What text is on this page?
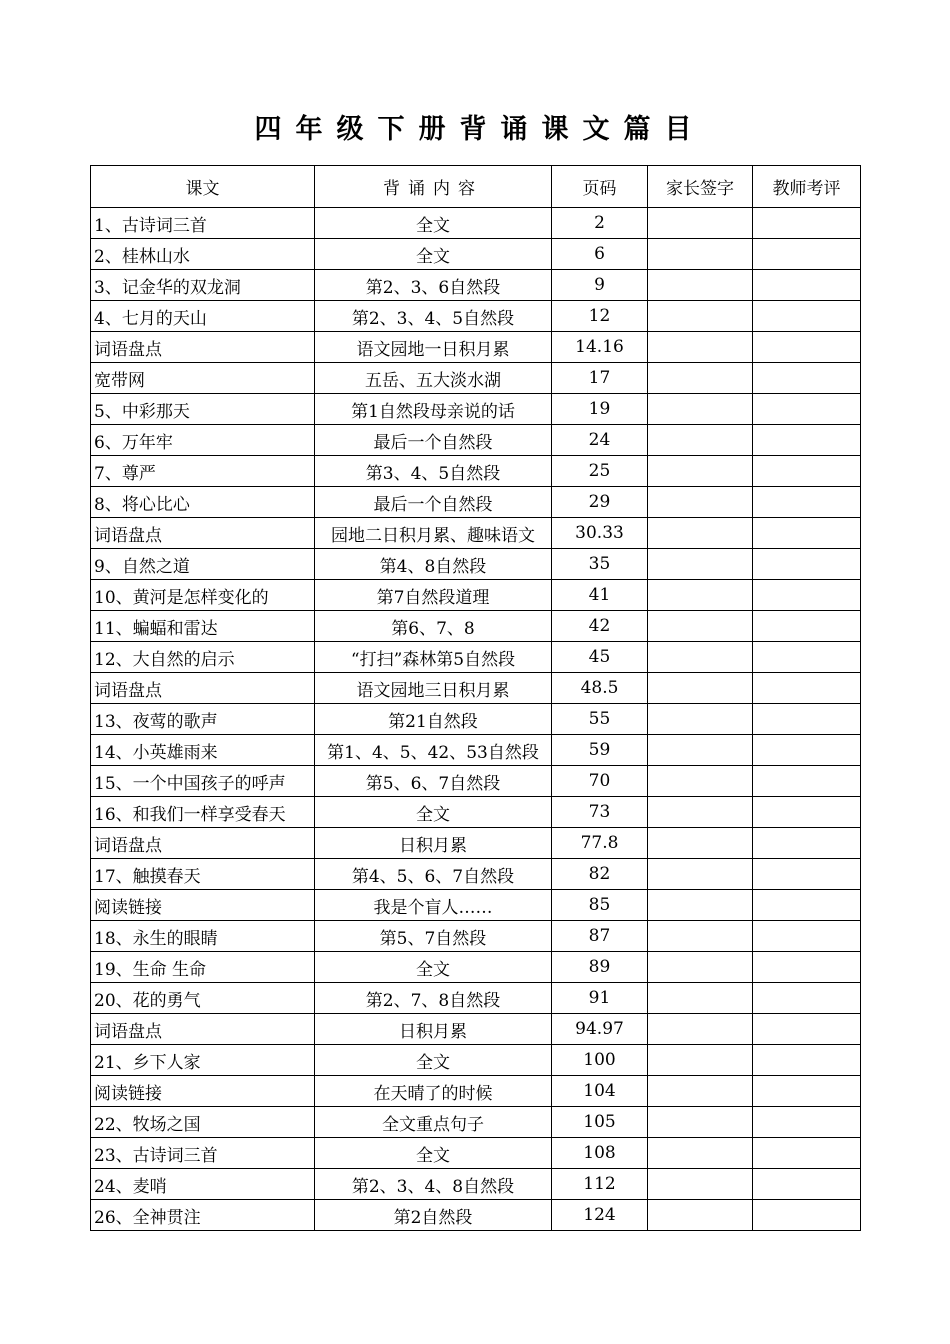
四年级下册背诵课文篇目
课文	背诵内容	页码	家长签字	教师考评
1、古诗词三首	全文	2		
2、桂林山水	全文	6		
3、记金华的双龙洞	第2、3、6自然段	9		
4、七月的天山	第2、3、4、5自然段	12		
词语盘点	语文园地一日积月累	14.16		
宽带网	五岳、五大淡水湖	17		
5、中彩那天	第1自然段母亲说的话	19		
6、万年牢	最后一个自然段	24		
7、尊严	第3、4、5自然段	25		
8、将心比心	最后一个自然段	29		
词语盘点	园地二日积月累、趣味语文	30.33		
9、自然之道	第4、8自然段	35		
10、黄河是怎样变化的	第7自然段道理	41		
11、蝙蝠和雷达	第6、7、8	42		
12、大自然的启示	“打扫”森林第5自然段	45		
词语盘点	语文园地三日积月累	48.5		
13、夜莺的歌声	第21自然段	55		
14、小英雄雨来	第1、4、5、42、53自然段	59		
15、一个中国孩子的呼声	第5、6、7自然段	70		
16、和我们一样享受春天	全文	73		
词语盘点	日积月累	77.8		
17、触摸春天	第4、5、6、7自然段	82		
阅读链接	我是个盲人……	85		
18、永生的眼睛	第5、7自然段	87		
19、生命 生命	全文	89		
20、花的勇气	第2、7、8自然段	91		
词语盘点	日积月累	94.97		
21、乡下人家	全文	100		
阅读链接	在天晴了的时候	104		
22、牧场之国	全文重点句子	105		
23、古诗词三首	全文	108		
24、麦哨	第2、3、4、8自然段	112		
26、全神贯注	第2自然段	124		
